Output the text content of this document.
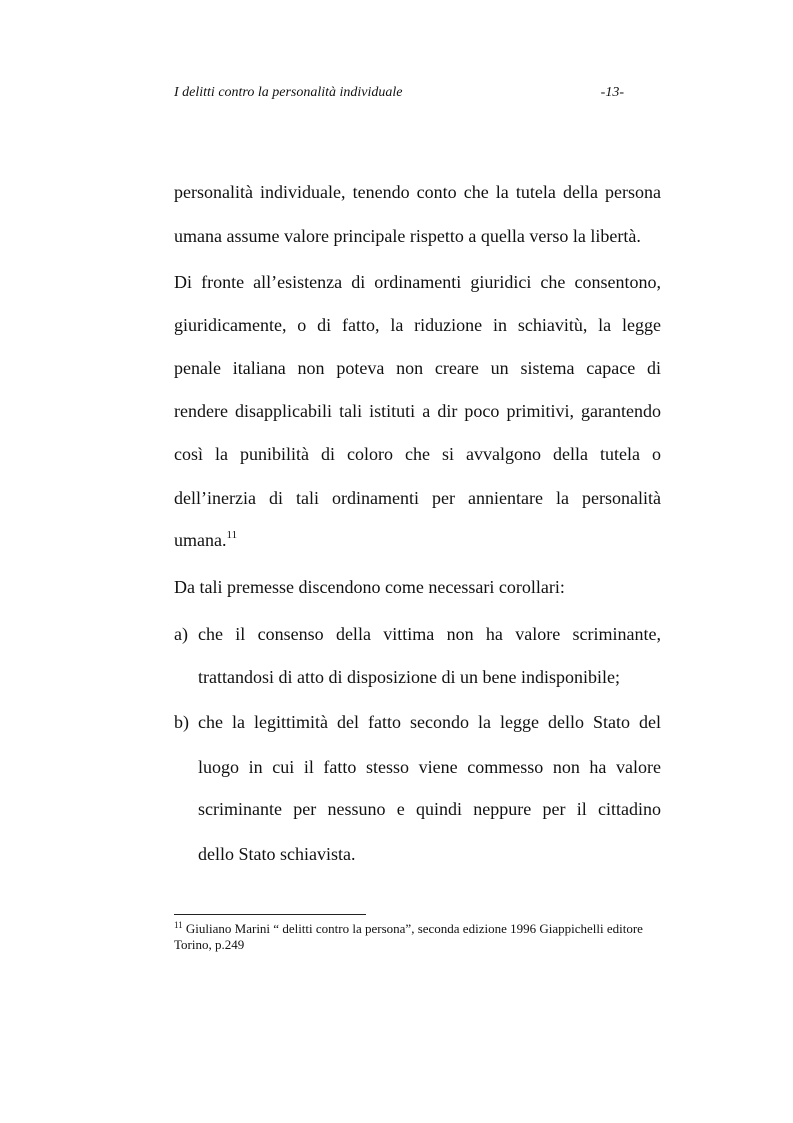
I delitti contro la personalità individuale	-13-
personalità individuale, tenendo conto che la tutela della persona
umana assume valore principale rispetto a quella verso la libertà.
Di fronte all’esistenza di ordinamenti giuridici che consentono,
giuridicamente, o di fatto, la riduzione in schiavitù, la legge
penale italiana non poteva non creare un sistema capace di
rendere disapplicabili tali istituti a dir poco primitivi, garantendo
così la punibilità di coloro che si avvalgono della tutela o
dell’inerzia di tali ordinamenti per annientare la personalità
umana.$^{11}$
Da tali premesse discendono come necessari corollari:
a) che il consenso della vittima non ha valore scriminante,
trattandosi di atto di disposizione di un bene indisponibile;
b) che la legittimità del fatto secondo la legge dello Stato del
luogo in cui il fatto stesso viene commesso non ha valore
scriminante per nessuno e quindi neppure per il cittadino
dello Stato schiavista.
$^{11}$ Giuliano Marini “ delitti contro la persona”, seconda edizione 1996 Giappichelli editore
Torino, p.249
